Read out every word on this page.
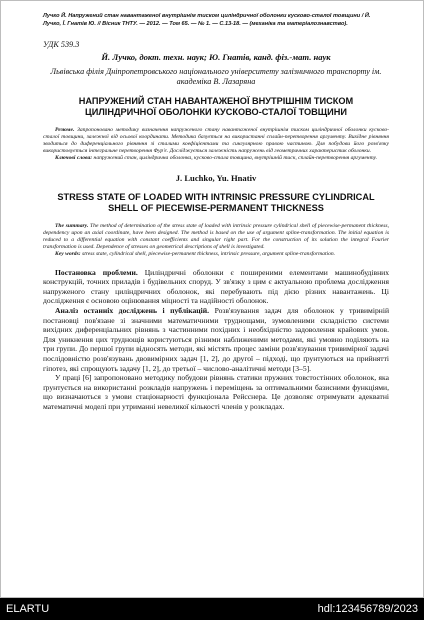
Лучко Й. Напружений стан навантаженої внутрішнім тиском циліндричної оболонки кусково-сталої товщини / Й. Лучко, Ї. Гнатів Ю. // Вісник ТНТУ. — 2012. — Том 65. — № 1. — С.13-18. — (механіка та матеріалознавство).

УДК 539.3

Й. Лучко, докт. техн. наук; Ю. Гнатів, канд. фіз.-мат. наук

Львівська філія Дніпропетровського національного університету залізничного транспорту ім. академіка В. Лазаряна

НАПРУЖЕНИЙ СТАН НАВАНТАЖЕНОЇ ВНУТРІШНІМ ТИСКОМ ЦИЛІНДРИЧНОЇ ОБОЛОНКИ КУСКОВО-СТАЛОЇ ТОВЩИНИ

Резюме. Запропоновано методику визначення напруженого стану навантаженої внутрішнім тиском циліндричної оболонки кусково-сталої товщини, залежної від осьової координати. Методика базується на використанні сплайн-перетворення аргументу. Вихідне рівняння зводиться до диференціального рівняння зі сталими коефіцієнтами та сингулярною правою частиною. Для побудови його розв'язку використовується інтегральне перетворення Фур'є. Досліджується залежність напружень від геометричних характеристик оболонки.

Ключові слова: напружений стан, циліндрична оболонка, кусково-стала товщина, внутрішній тиск, сплайн-перетворення аргументу.

J. Luchko, Yu. Hnativ

STRESS STATE OF LOADED WITH INTRINSIC PRESSURE CYLINDRICAL SHELL OF PIECEWISE-PERMANENT THICKNESS

The summary. The method of determination of the stress state of loaded with intrinsic pressure cylindrical shell of piecewise-permanent thickness, dependency upon an axial coordinate, have been designed. The method is based on the use of argument spline-transformation. The initial equation is reduced to a differential equation with constant coefficients and singular right part. For the construction of its solution the integral Fourier transformation is used. Dependence of stresses on geometrical descriptions of shell is investigated.

Key words: stress state, cylindrical shell, piecewise-permanent thickness, intrinsic pressure, argument spline-transformation.

Постановка проблеми. Циліндричні оболонки є поширеними елементами машинобудівних конструкцій, точних приладів і будівельних споруд. У зв'язку з цим є актуальною проблема дослідження напруженого стану циліндричних оболонок, які перебувають під дією різних навантажень. Ці дослідження є основою оцінювання міцності та надійності оболонок.

Аналіз останніх досліджень і публікацій. Розв'язування задач для оболонок у тривимірній постановці пов'язане зі значними математичними труднощами, зумовленими складністю системи вихідних диференціальних рівнянь з частинними похідних і необхідністю задоволення крайових умов. Для уникнення цих труднощів користуються різними наближеними методами, які умовно поділяють на три групи. До першої групи відносять методи, які містять процес заміни розв'язування тривимірної задачі послідовністю розв'язувань двовимірних задач [1, 2], до другої – підході, що ґрунтуються на прийнятті гіпотез, які спрощують задачу [1, 2], до третьої – числово-аналітичні методи [3–5].

У праці [6] запропоновано методику побудови рівнянь статики пружних товстостінних оболонок, яка ґрунтується на використанні розкладів напружень і переміщень за оптимальними базисними функціями, що визначаються з умови стаціонарності функціонала Рейсснера. Це дозволяє отримувати адекватні математичні моделі при утриманні невеликої кількості членів у розкладах.

ELARTU	hdl:123456789/2023
